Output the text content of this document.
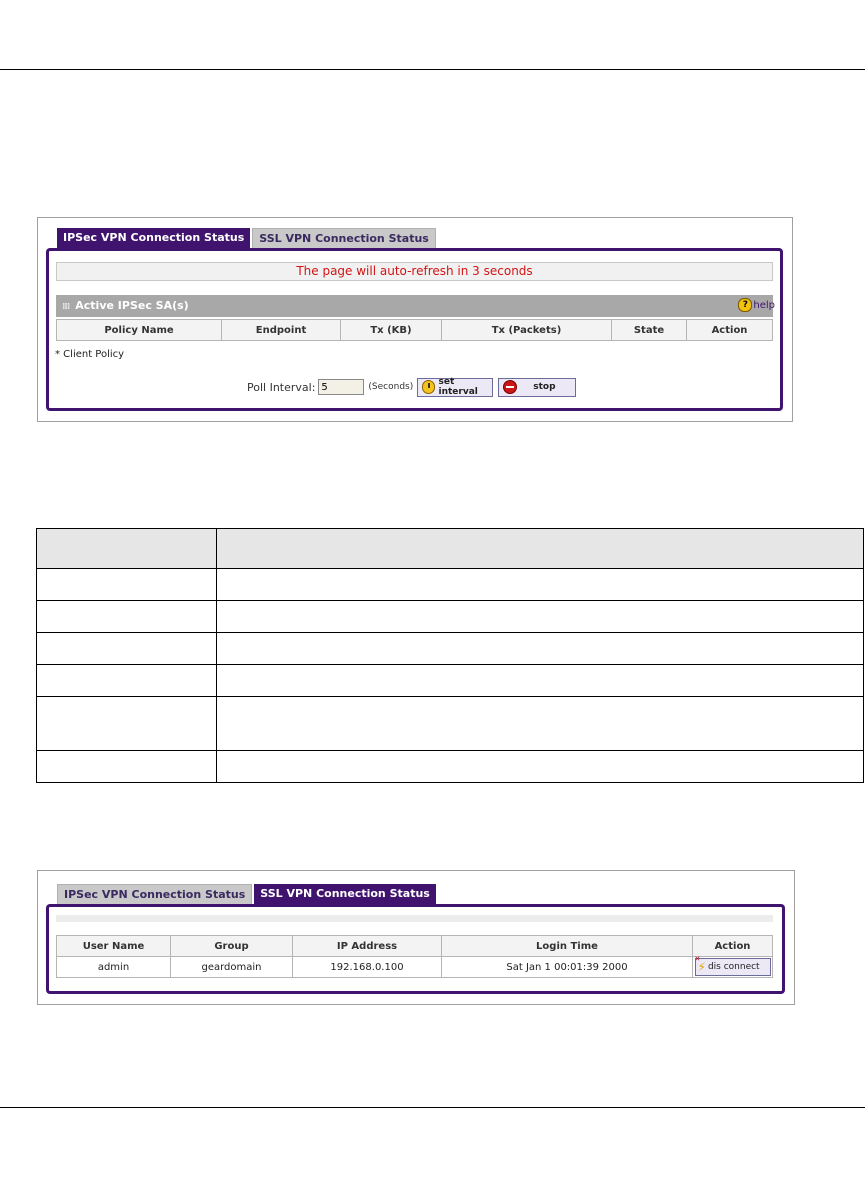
IPSec VPN Connection Status	SSL VPN Connection Status
The page will auto-refresh in 3 seconds
⁞⁞⁞ Active IPSec SA(s)	? help
Policy Name	Endpoint	Tx (KB)	Tx (Packets)	State	Action
* Client Policy
Poll Interval:
5	(Seconds)	set interval	stop

IPSec VPN Connection Status	SSL VPN Connection Status
User Name	Group	IP Address	Login Time	Action
admin	geardomain	192.168.0.100	Sat Jan 1 00:01:39 2000	✕
⚡ dis connect
